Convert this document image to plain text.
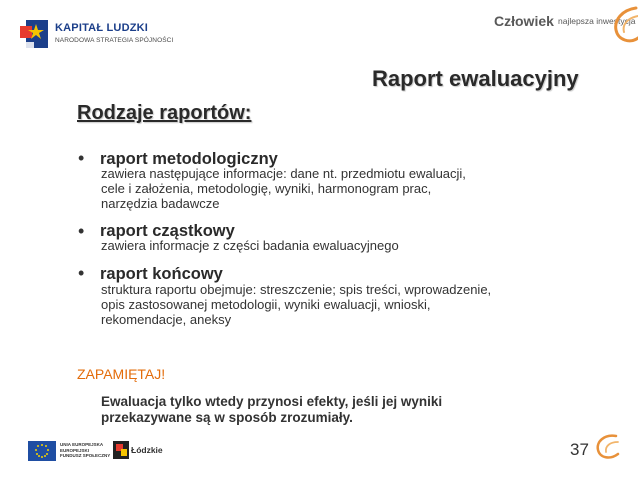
KAPITAŁ LUDZKI
NARODOWA STRATEGIA SPÓJNOŚCI
Człowiek najlepsza inwestycja
Raport ewaluacyjny
Rodzaje raportów:
• raport metodologiczny
zawiera następujące informacje: dane nt. przedmiotu ewaluacji,
cele i założenia, metodologię, wyniki, harmonogram prac,
narzędzia badawcze
• raport cząstkowy
zawiera informacje z części badania ewaluacyjnego
• raport końcowy
struktura raportu obejmuje: streszczenie; spis treści, wprowadzenie,
opis zastosowanej metodologii, wyniki ewaluacji, wnioski,
rekomendacje, aneksy
ZAPAMIĘTAJ!
Ewaluacja tylko wtedy przynosi efekty, jeśli jej wyniki
przekazywane są w sposób zrozumiały.
UNIA EUROPEJSKA
EUROPEJSKI
FUNDUSZ SPOŁECZNY
Łódzkie	37
